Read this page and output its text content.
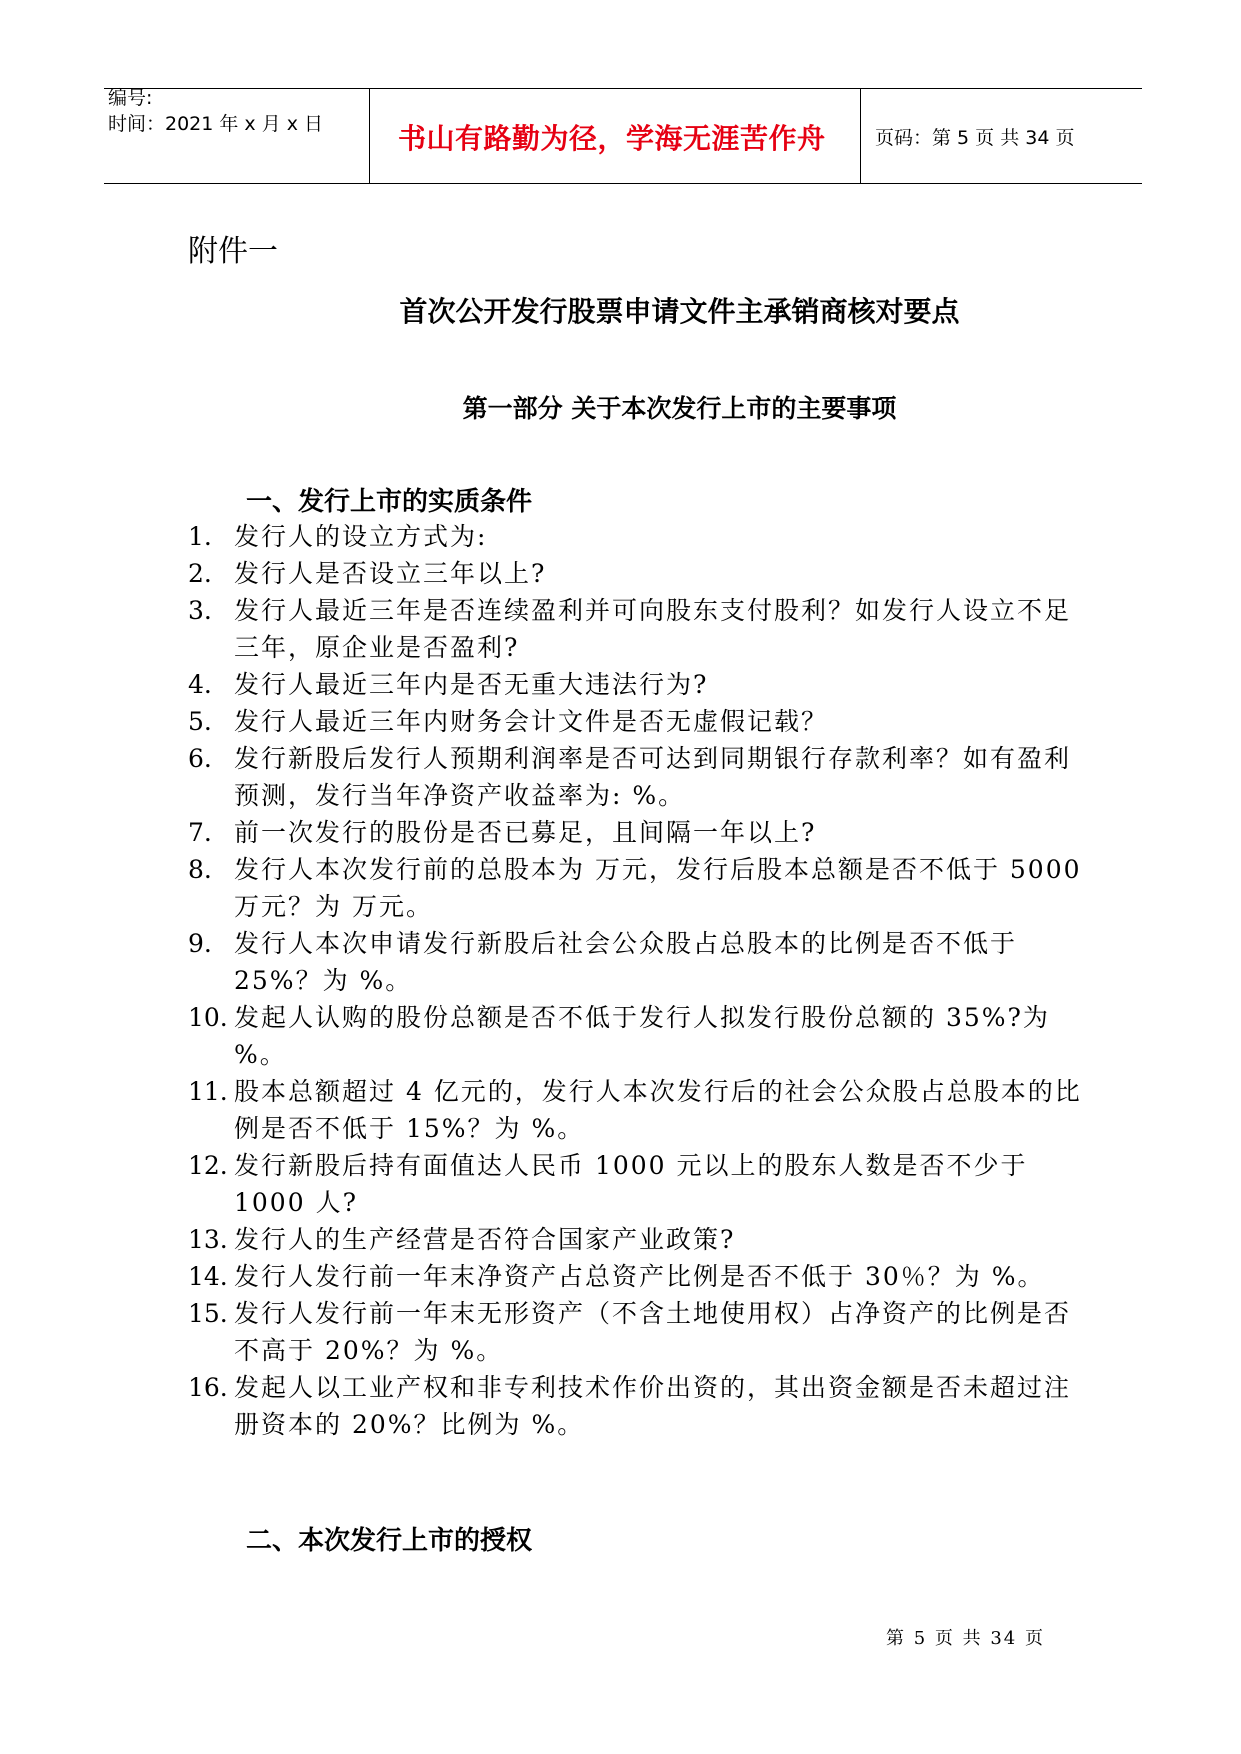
编号:
时间：2021 年 x 月 x 日	书山有路勤为径，学海无涯苦作舟	页码：第 5 页 共 34 页
附件一
首次公开发行股票申请文件主承销商核对要点
第一部分 关于本次发行上市的主要事项
一、发行上市的实质条件
1. 发行人的设立方式为:
2. 发行人是否设立三年以上?
3. 发行人最近三年是否连续盈利并可向股东支付股利？如发行人设立不足三年，原企业是否盈利?
4. 发行人最近三年内是否无重大违法行为?
5. 发行人最近三年内财务会计文件是否无虚假记载？
6. 发行新股后发行人预期利润率是否可达到同期银行存款利率？如有盈利预测，发行当年净资产收益率为: %。
7. 前一次发行的股份是否已募足，且间隔一年以上?
8. 发行人本次发行前的总股本为 万元，发行后股本总额是否不低于 5000 万元？为 万元。
9. 发行人本次申请发行新股后社会公众股占总股本的比例是否不低于 25%？为 %。
10. 发起人认购的股份总额是否不低于发行人拟发行股份总额的 35%?为 %。
11. 股本总额超过 4 亿元的，发行人本次发行后的社会公众股占总股本的比例是否不低于 15%？为 %。
12. 发行新股后持有面值达人民币 1000 元以上的股东人数是否不少于 1000 人?
13. 发行人的生产经营是否符合国家产业政策?
14. 发行人发行前一年末净资产占总资产比例是否不低于 30％？为 %。
15. 发行人发行前一年末无形资产（不含土地使用权）占净资产的比例是否不高于 20%？为 %。
16. 发起人以工业产权和非专利技术作价出资的，其出资金额是否未超过注册资本的 20%？比例为 %。
二、本次发行上市的授权
第 5 页 共 34 页
